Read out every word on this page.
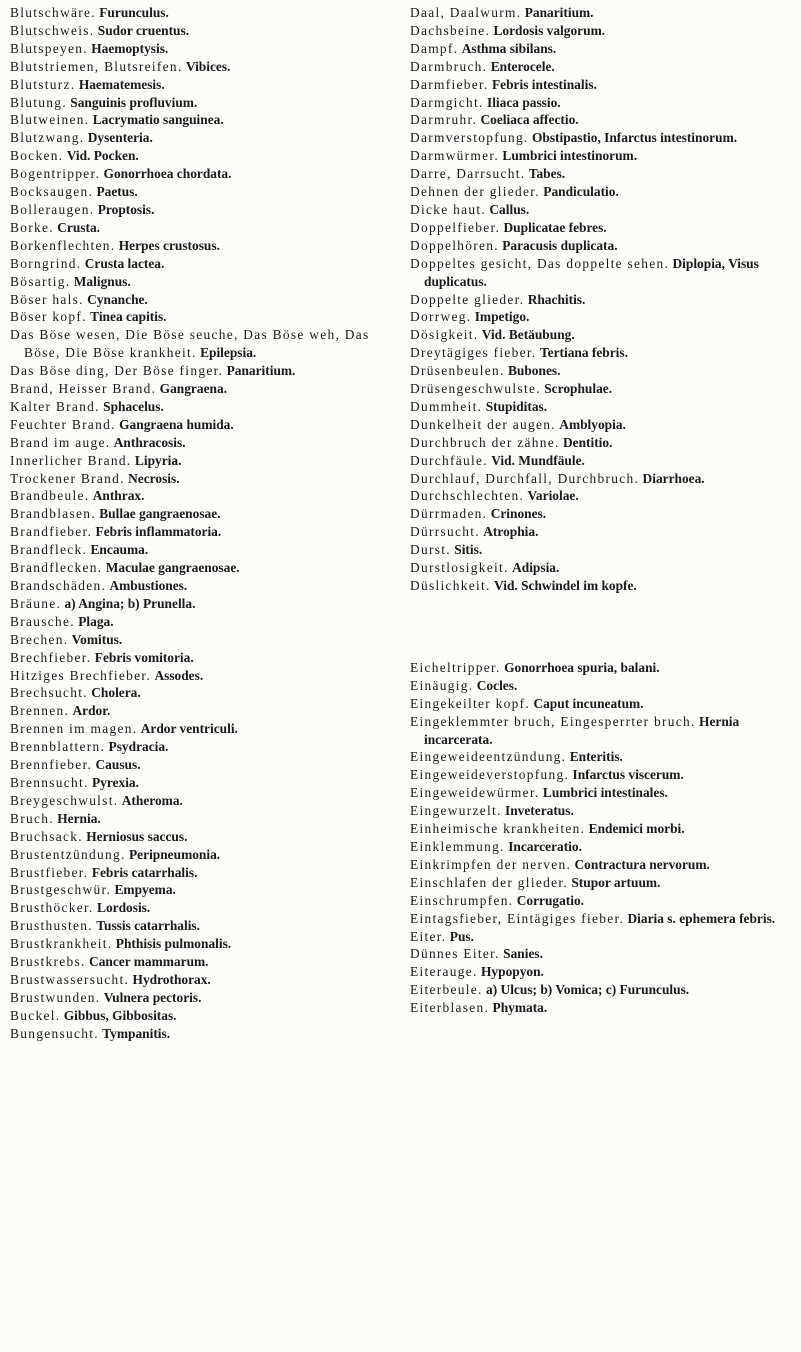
Blutschwäre. Furunculus.
Blutschweis. Sudor cruentus.
Blutspeyen. Haemoptysis.
Blutstriemen, Blutsreifen. Vibices.
Blutsturz. Haematemesis.
Blutung. Sanguinis profluvium.
Blutweinen. Lacrymatio sanguinea.
Blutzwang. Dysenteria.
Bocken. Vid. Pocken.
Bogentripper. Gonorrhoea chordata.
Bocksaugen. Paetus.
Bolleraugen. Proptosis.
Borke. Crusta.
Borkenflechten. Herpes crustosus.
Borngrind. Crusta lactea.
Bösartig. Malignus.
Böser hals. Cynanche.
Böser kopf. Tinea capitis.
Das Böse wesen, Die Böse seuche, Das Böse weh, Das Böse, Die Böse krankheit. Epilepsia.
Das Böse ding, Der Böse finger. Panaritium.
Brand, Heisser Brand. Gangraena.
Kalter Brand. Sphacelus.
Feuchter Brand. Gangraena humida.
Brand im auge. Anthracosis.
Innerlicher Brand. Lipyria.
Trockener Brand. Necrosis.
Brandbeule. Anthrax.
Brandblasen. Bullae gangraenosae.
Brandfieber. Febris inflammatoria.
Brandfleck. Encauma.
Brandflecken. Maculae gangraenosae.
Brandschäden. Ambustiones.
Bräune. a) Angina; b) Prunella.
Brausche. Plaga.
Brechen. Vomitus.
Brechfieber. Febris vomitoria.
Hitziges Brechfieber. Assodes.
Brechsucht. Cholera.
Brennen. Ardor.
Brennen im magen. Ardor ventriculi.
Brennblattern. Psydracia.
Brennfieber. Causus.
Brennsucht. Pyrexia.
Breygeschwulst. Atheroma.
Bruch. Hernia.
Bruchsack. Herniosus saccus.
Brustentzündung. Peripneumonia.
Brustfieber. Febris catarrhalis.
Brustgeschwür. Empyema.
Brusthöcker. Lordosis.
Brusthusten. Tussis catarrhalis.
Brustkrankheit. Phthisis pulmonalis.
Brustkrebs. Cancer mammarum.
Brustwassersucht. Hydrothorax.
Brustwunden. Vulnera pectoris.
Buckel. Gibbus, Gibbositas.
Bungensucht. Tympanitis.
Daal, Daalwurm. Panaritium.
Dachsbeine. Lordosis valgorum.
Dampf. Asthma sibilans.
Darmbruch. Enterocele.
Darmfieber. Febris intestinalis.
Darmgicht. Iliaca passio.
Darmruhr. Coeliaca affectio.
Darmverstopfung. Obstipastio, Infarctus intestinorum.
Darmwürmer. Lumbrici intestinorum.
Darre, Darrsucht. Tabes.
Dehnen der glieder. Pandiculatio.
Dicke haut. Callus.
Doppelfieber. Duplicatae febres.
Doppelhören. Paracusis duplicata.
Doppeltes gesicht, Das doppelte sehen. Diplopia, Visus duplicatus.
Doppelte glieder. Rhachitis.
Dorrweg. Impetigo.
Dösigkeit. Vid. Betäubung.
Dreytägiges fieber. Tertiana febris.
Drüsenbeulen. Bubones.
Drüsengeschwulste. Scrophulae.
Dummheit. Stupiditas.
Dunkelheit der augen. Amblyopia.
Durchbruch der zähne. Dentitio.
Durchfäule. Vid. Mundfäule.
Durchlauf, Durchfall, Durchbruch. Diarrhoea.
Durchschlechten. Variolae.
Dürrmaden. Crinones.
Dürrsucht. Atrophia.
Durst. Sitis.
Durstlosigkeit. Adipsia.
Düslichkeit. Vid. Schwindel im kopfe.
Eicheltripper. Gonorrhoea spuria, balani.
Einäugig. Cocles.
Eingekeilter kopf. Caput incuneatum.
Eingeklemmter bruch, Eingesperrter bruch. Hernia incarcerata.
Eingeweideentzündung. Enteritis.
Eingeweideverstopfung. Infarctus viscerum.
Eingeweidewürmer. Lumbrici intestinales.
Eingewurzelt. Inveteratus.
Einheimische krankheiten. Endemici morbi.
Einklemmung. Incarceratio.
Einkrimpfen der nerven. Contractura nervorum.
Einschlafen der glieder. Stupor artuum.
Einschrumpfen. Corrugatio.
Eintagsfieber, Eintägiges fieber. Diaria s. ephemera febris.
Eiter. Pus.
Dünnes Eiter. Sanies.
Eiterauge. Hypopyon.
Eiterbeule. a) Ulcus; b) Vomica; c) Furunculus.
Eiterblasen. Phymata.
